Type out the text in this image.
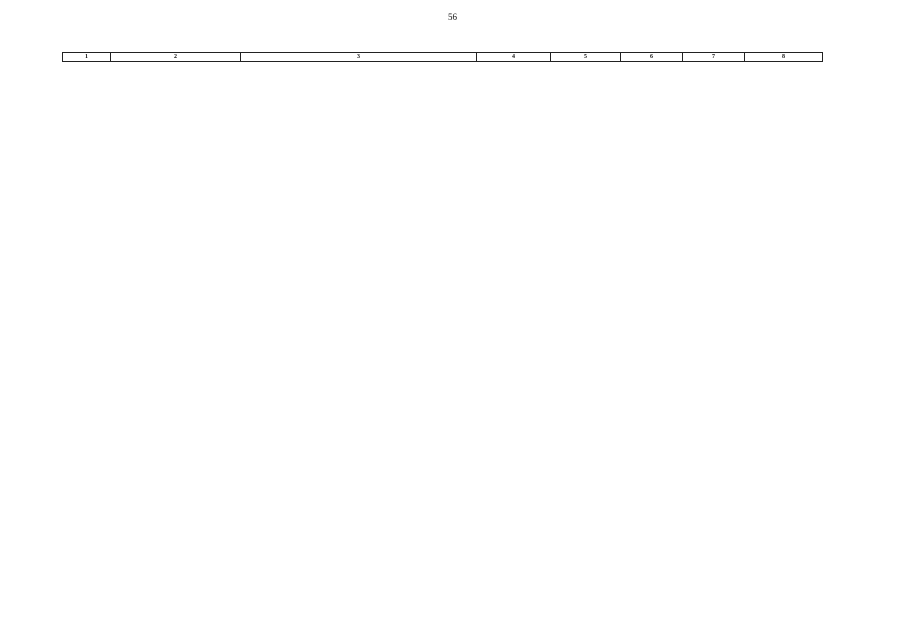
56
1	2	3	4	5	6	7	8
